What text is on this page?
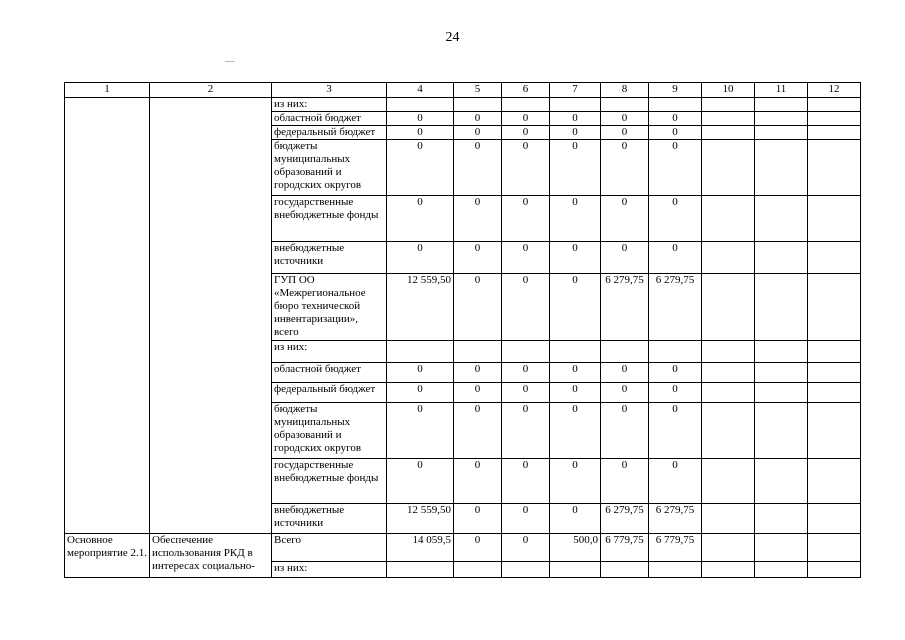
24
1	2	3	4	5	6	7	8	9	10	11	12
		из них:									
		областной бюджет	0	0	0	0	0	0			
		федеральный бюджет	0	0	0	0	0	0			
		бюджеты муниципальных образований и городских округов	0	0	0	0	0	0			
		государственные внебюджетные фонды	0	0	0	0	0	0			
		внебюджетные источники	0	0	0	0	0	0			
		ГУП ОО «Межрегиональное бюро технической инвентаризации», всего	12 559,50	0	0	0	6 279,75	6 279,75			
		из них:									
		областной бюджет	0	0	0	0	0	0			
		федеральный бюджет	0	0	0	0	0	0			
		бюджеты муниципальных образований и городских округов	0	0	0	0	0	0			
		государственные внебюджетные фонды	0	0	0	0	0	0			
		внебюджетные источники	12 559,50	0	0	0	6 279,75	6 279,75			
Основное мероприятие 2.1.	Обеспечение использования РКД в интересах социально-	Всего	14 059,5	0	0	500,0	6 779,75	6 779,75			
		из них:									
